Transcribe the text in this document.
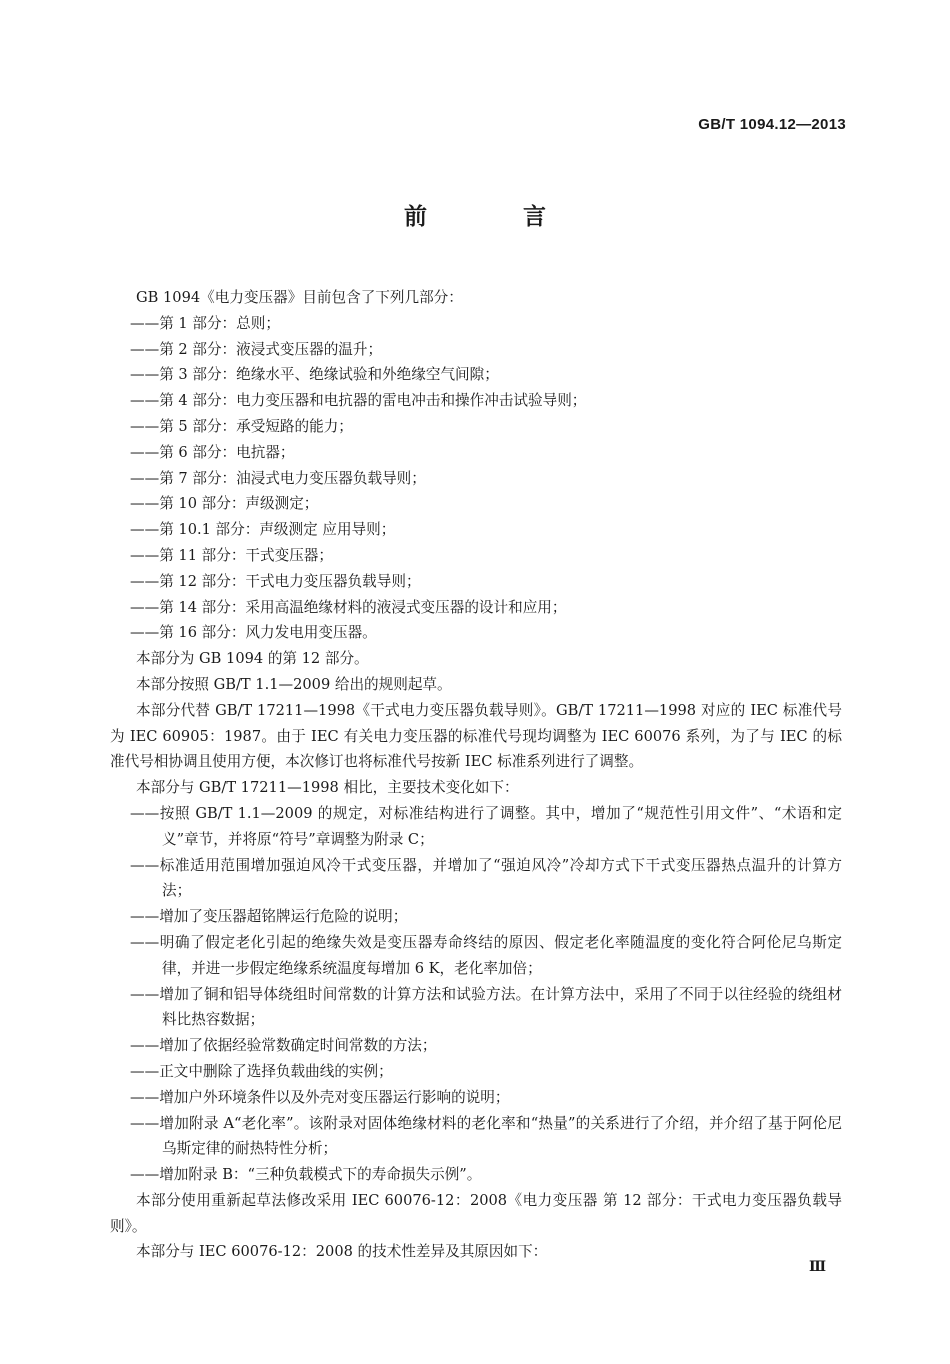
GB/T 1094.12—2013
前 言

GB 1094《电力变压器》目前包含了下列几部分：

——第 1 部分：总则；

——第 2 部分：液浸式变压器的温升；

——第 3 部分：绝缘水平、绝缘试验和外绝缘空气间隙；

——第 4 部分：电力变压器和电抗器的雷电冲击和操作冲击试验导则；

——第 5 部分：承受短路的能力；

——第 6 部分：电抗器；

——第 7 部分：油浸式电力变压器负载导则；

——第 10 部分：声级测定；

——第 10.1 部分：声级测定 应用导则；

——第 11 部分：干式变压器；

——第 12 部分：干式电力变压器负载导则；

——第 14 部分：采用高温绝缘材料的液浸式变压器的设计和应用；

——第 16 部分：风力发电用变压器。

本部分为 GB 1094 的第 12 部分。

本部分按照 GB/T 1.1—2009 给出的规则起草。

本部分代替 GB/T 17211—1998《干式电力变压器负载导则》。GB/T 17211—1998 对应的 IEC 标准代号为 IEC 60905：1987。由于 IEC 有关电力变压器的标准代号现均调整为 IEC 60076 系列，为了与 IEC 的标准代号相协调且使用方便，本次修订也将标准代号按新 IEC 标准系列进行了调整。

本部分与 GB/T 17211—1998 相比，主要技术变化如下：

——按照 GB/T 1.1—2009 的规定，对标准结构进行了调整。其中，增加了“规范性引用文件”、“术语和定义”章节，并将原“符号”章调整为附录 C；

——标准适用范围增加强迫风冷干式变压器，并增加了“强迫风冷”冷却方式下干式变压器热点温升的计算方法；

——增加了变压器超铭牌运行危险的说明；

——明确了假定老化引起的绝缘失效是变压器寿命终结的原因、假定老化率随温度的变化符合阿伦尼乌斯定律，并进一步假定绝缘系统温度每增加 6 K，老化率加倍；

——增加了铜和铝导体绕组时间常数的计算方法和试验方法。在计算方法中，采用了不同于以往经验的绕组材料比热容数据；

——增加了依据经验常数确定时间常数的方法；

——正文中删除了选择负载曲线的实例；

——增加户外环境条件以及外壳对变压器运行影响的说明；

——增加附录 A“老化率”。该附录对固体绝缘材料的老化率和“热量”的关系进行了介绍，并介绍了基于阿伦尼乌斯定律的耐热特性分析；

——增加附录 B：“三种负载模式下的寿命损失示例”。

本部分使用重新起草法修改采用 IEC 60076-12：2008《电力变压器 第 12 部分：干式电力变压器负载导则》。

本部分与 IEC 60076-12：2008 的技术性差异及其原因如下：

Ⅲ
